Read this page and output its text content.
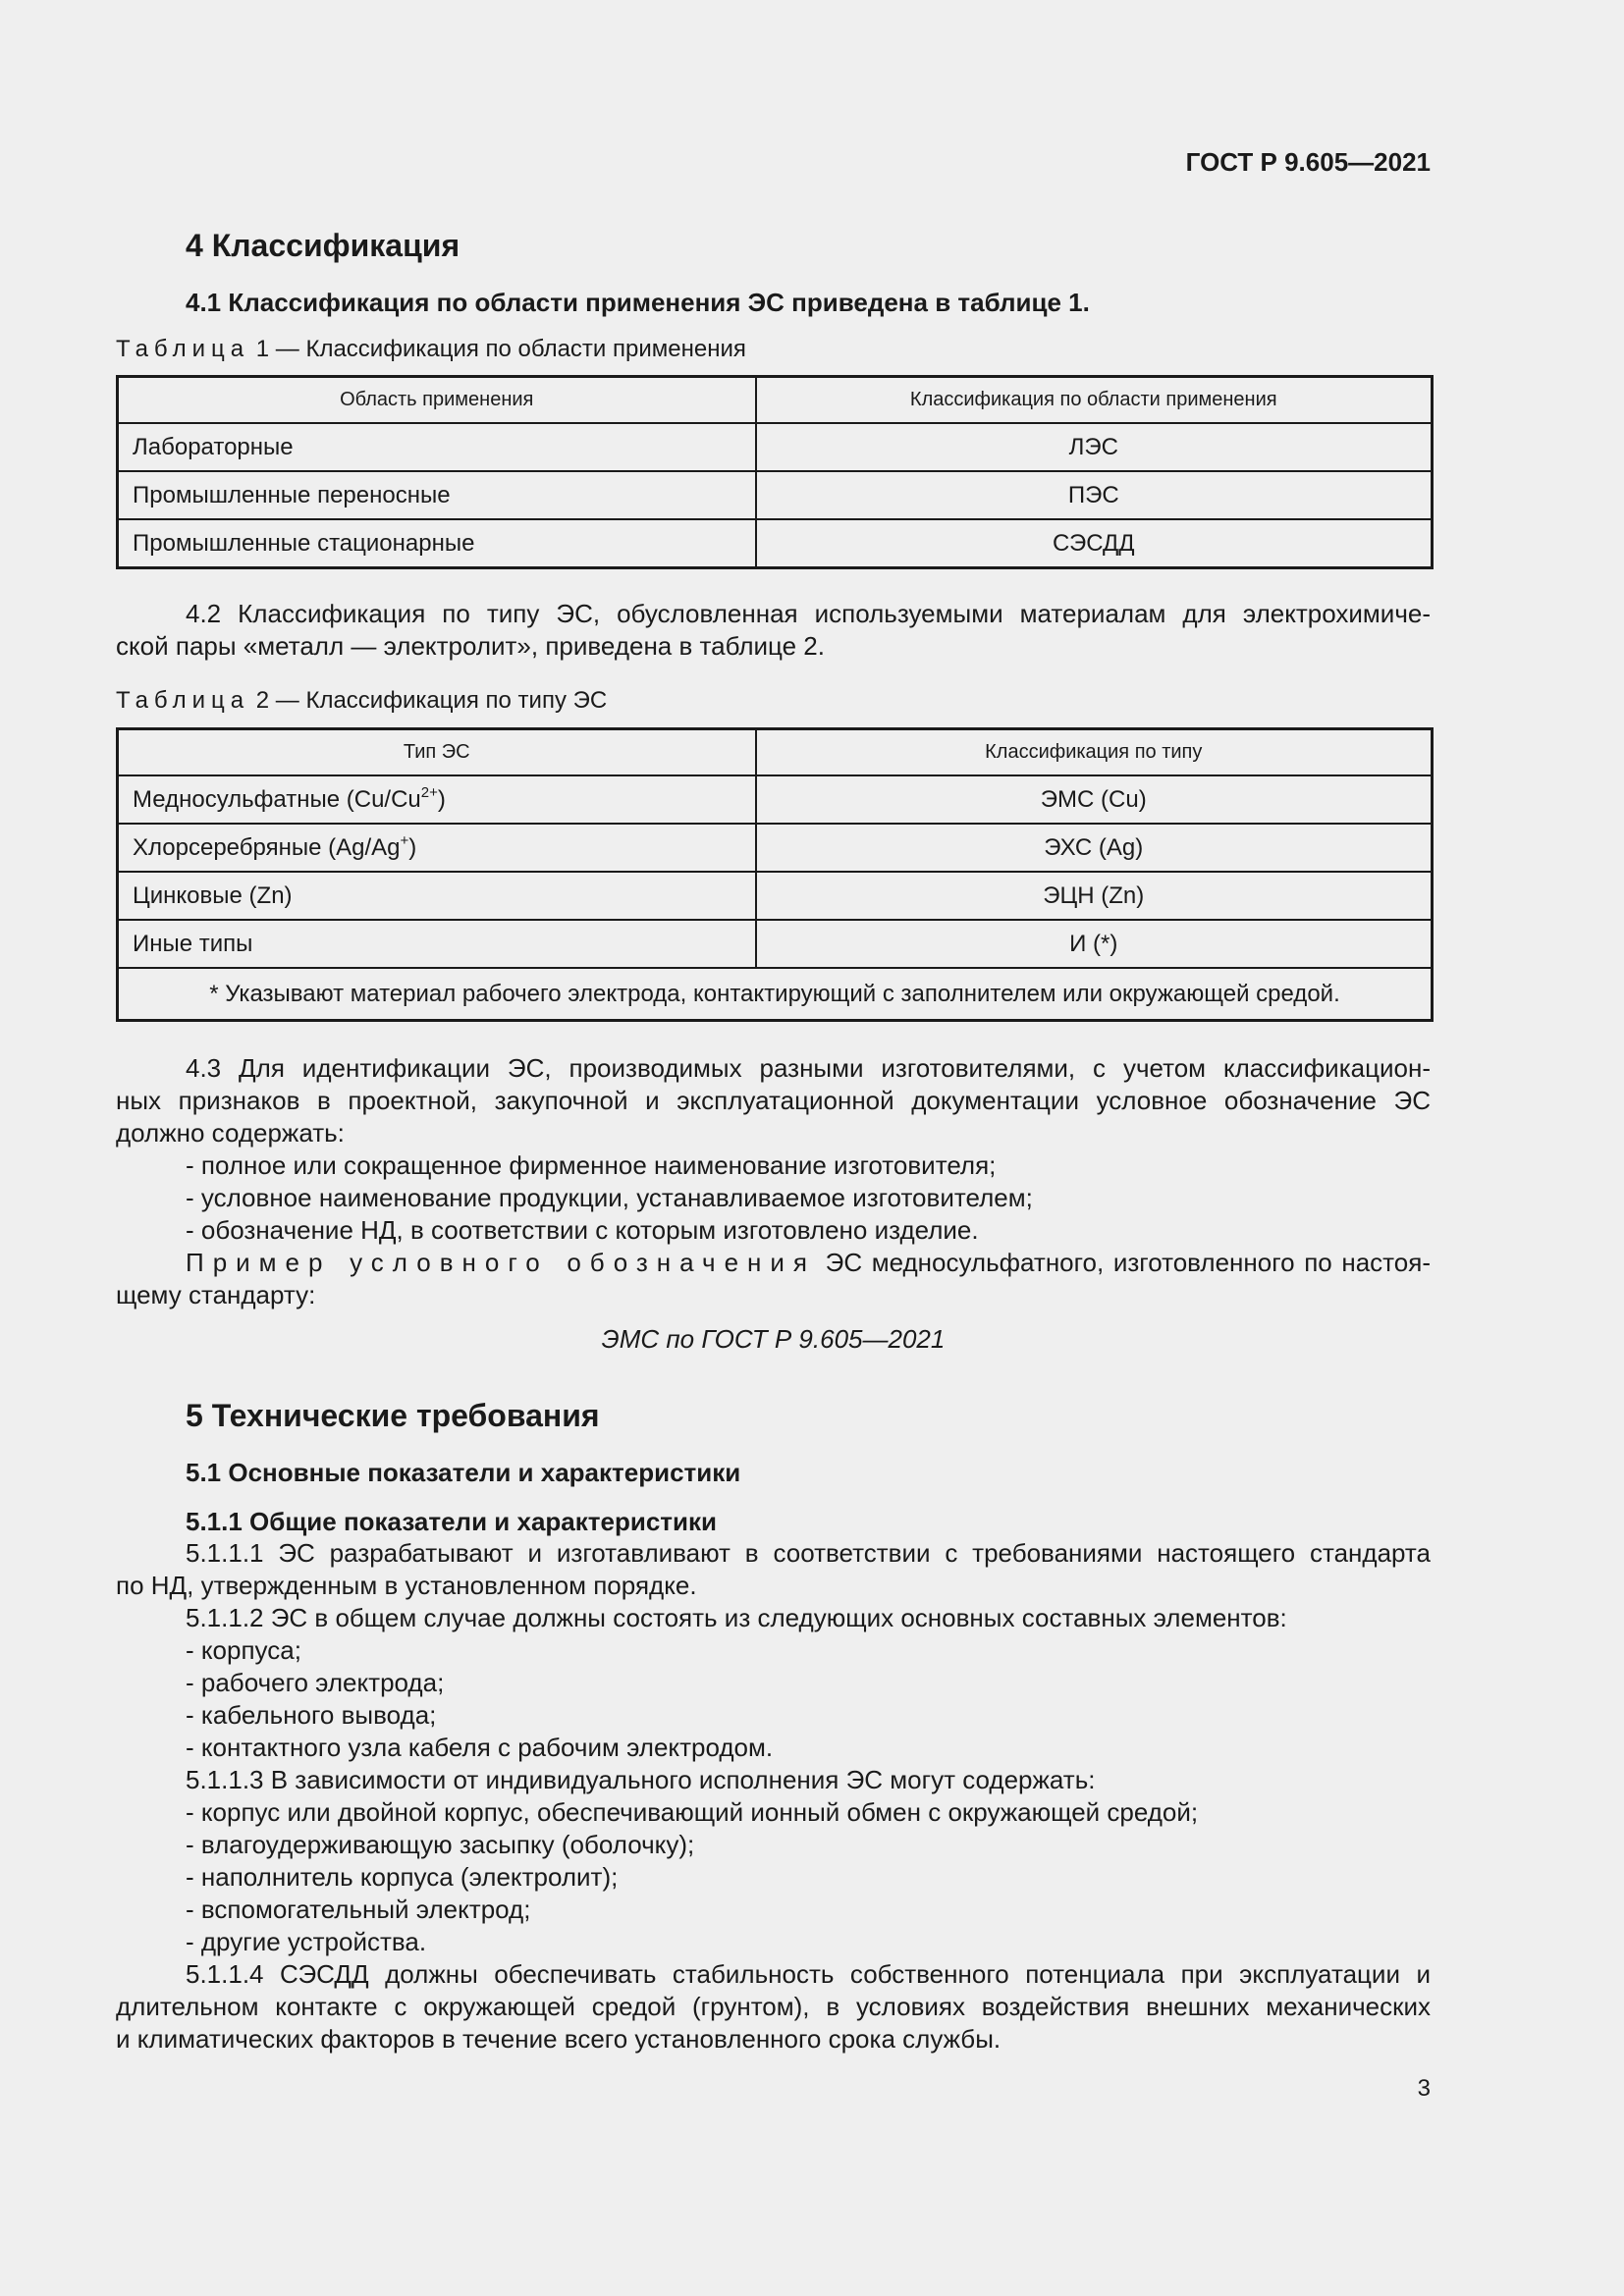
ГОСТ Р 9.605—2021
4 Классификация
4.1 Классификация по области применения ЭС приведена в таблице 1.
Таблица 1 — Классификация по области применения
Область применения	Классификация по области применения
Лабораторные	ЛЭС
Промышленные переносные	ПЭС
Промышленные стационарные	СЭСДД
4.2 Классификация по типу ЭС, обусловленная используемыми материалам для электрохимиче-
ской пары «металл — электролит», приведена в таблице 2.
Таблица 2 — Классификация по типу ЭС
Тип ЭС	Классификация по типу
Медносульфатные $(Cu/Cu^{2+})$	ЭМС (Cu)
Хлорсеребряные (Ag/Ag+)	ЭХС (Ag)
Цинковые (Zn)	ЭЦН (Zn)
Иные типы	И (*)
* Указывают материал рабочего электрода, контактирующий с заполнителем или окружающей средой.	
4.3 Для идентификации ЭС, производимых разными изготовителями, с учетом классификацион-
ных признаков в проектной, закупочной и эксплуатационной документации условное обозначение ЭС
должно содержать:
- полное или сокращенное фирменное наименование изготовителя;
- условное наименование продукции, устанавливаемое изготовителем;
- обозначение НД, в соответствии с которым изготовлено изделие.
Пример условного обозначения ЭС медносульфатного, изготовленного по настоя-
щему стандарту:
ЭМС по ГОСТ Р 9.605—2021
5 Технические требования
5.1 Основные показатели и характеристики
5.1.1 Общие показатели и характеристики
5.1.1.1 ЭС разрабатывают и изготавливают в соответствии с требованиями настоящего стандарта
по НД, утвержденным в установленном порядке.
5.1.1.2 ЭС в общем случае должны состоять из следующих основных составных элементов:
- корпуса;
- рабочего электрода;
- кабельного вывода;
- контактного узла кабеля с рабочим электродом.
5.1.1.3 В зависимости от индивидуального исполнения ЭС могут содержать:
- корпус или двойной корпус, обеспечивающий ионный обмен с окружающей средой;
- влагоудерживающую засыпку (оболочку);
- наполнитель корпуса (электролит);
- вспомогательный электрод;
- другие устройства.
5.1.1.4 СЭСДД должны обеспечивать стабильность собственного потенциала при эксплуатации и
длительном контакте с окружающей средой (грунтом), в условиях воздействия внешних механических
и климатических факторов в течение всего установленного срока службы.
3
